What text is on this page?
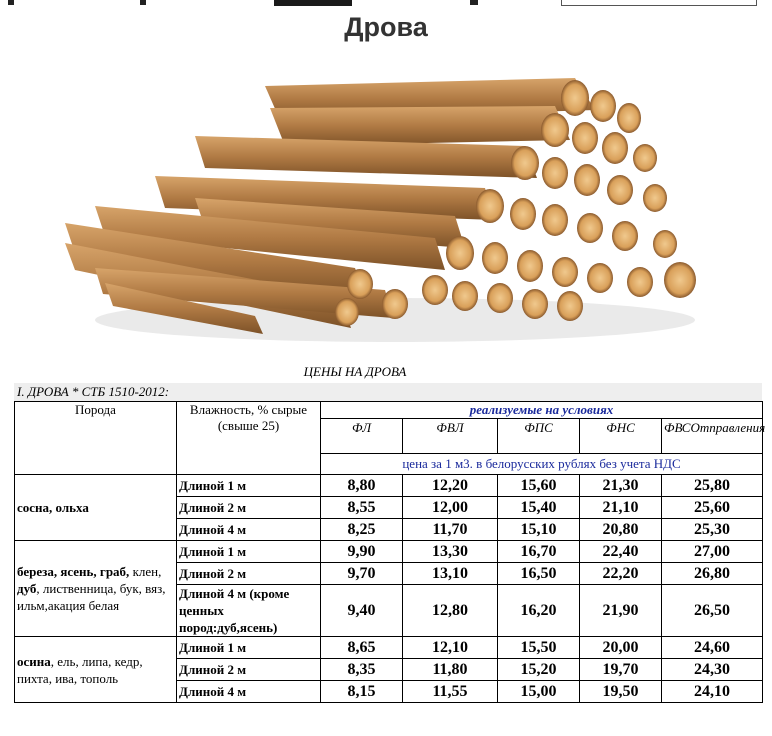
Дрова
ЦЕНЫ НА ДРОВА
I. ДРОВА * СТБ 1510-2012:
Порода	Влажность, % сырые (свыше 25)	реализуемые на условиях				
		ФЛ	ФВЛ	ФПС	ФНС	ФВСОтправления
		цена за 1 м3. в белорусских рублях без учета НДС				
сосна, ольха	Длиной 1 м	8,80	12,20	15,60	21,30	25,80
	Длиной 2 м	8,55	12,00	15,40	21,10	25,60
	Длиной 4 м	8,25	11,70	15,10	20,80	25,30
береза, ясень, граб, клен, дуб, лиственница, бук, вяз, ильм,акация белая	Длиной 1 м	9,90	13,30	16,70	22,40	27,00
	Длиной 2 м	9,70	13,10	16,50	22,20	26,80
	Длиной 4 м (кроме ценных пород:дуб,ясень)	9,40	12,80	16,20	21,90	26,50
осина, ель, липа, кедр, пихта, ива, тополь	Длиной 1 м	8,65	12,10	15,50	20,00	24,60
	Длиной 2 м	8,35	11,80	15,20	19,70	24,30
	Длиной 4 м	8,15	11,55	15,00	19,50	24,10
